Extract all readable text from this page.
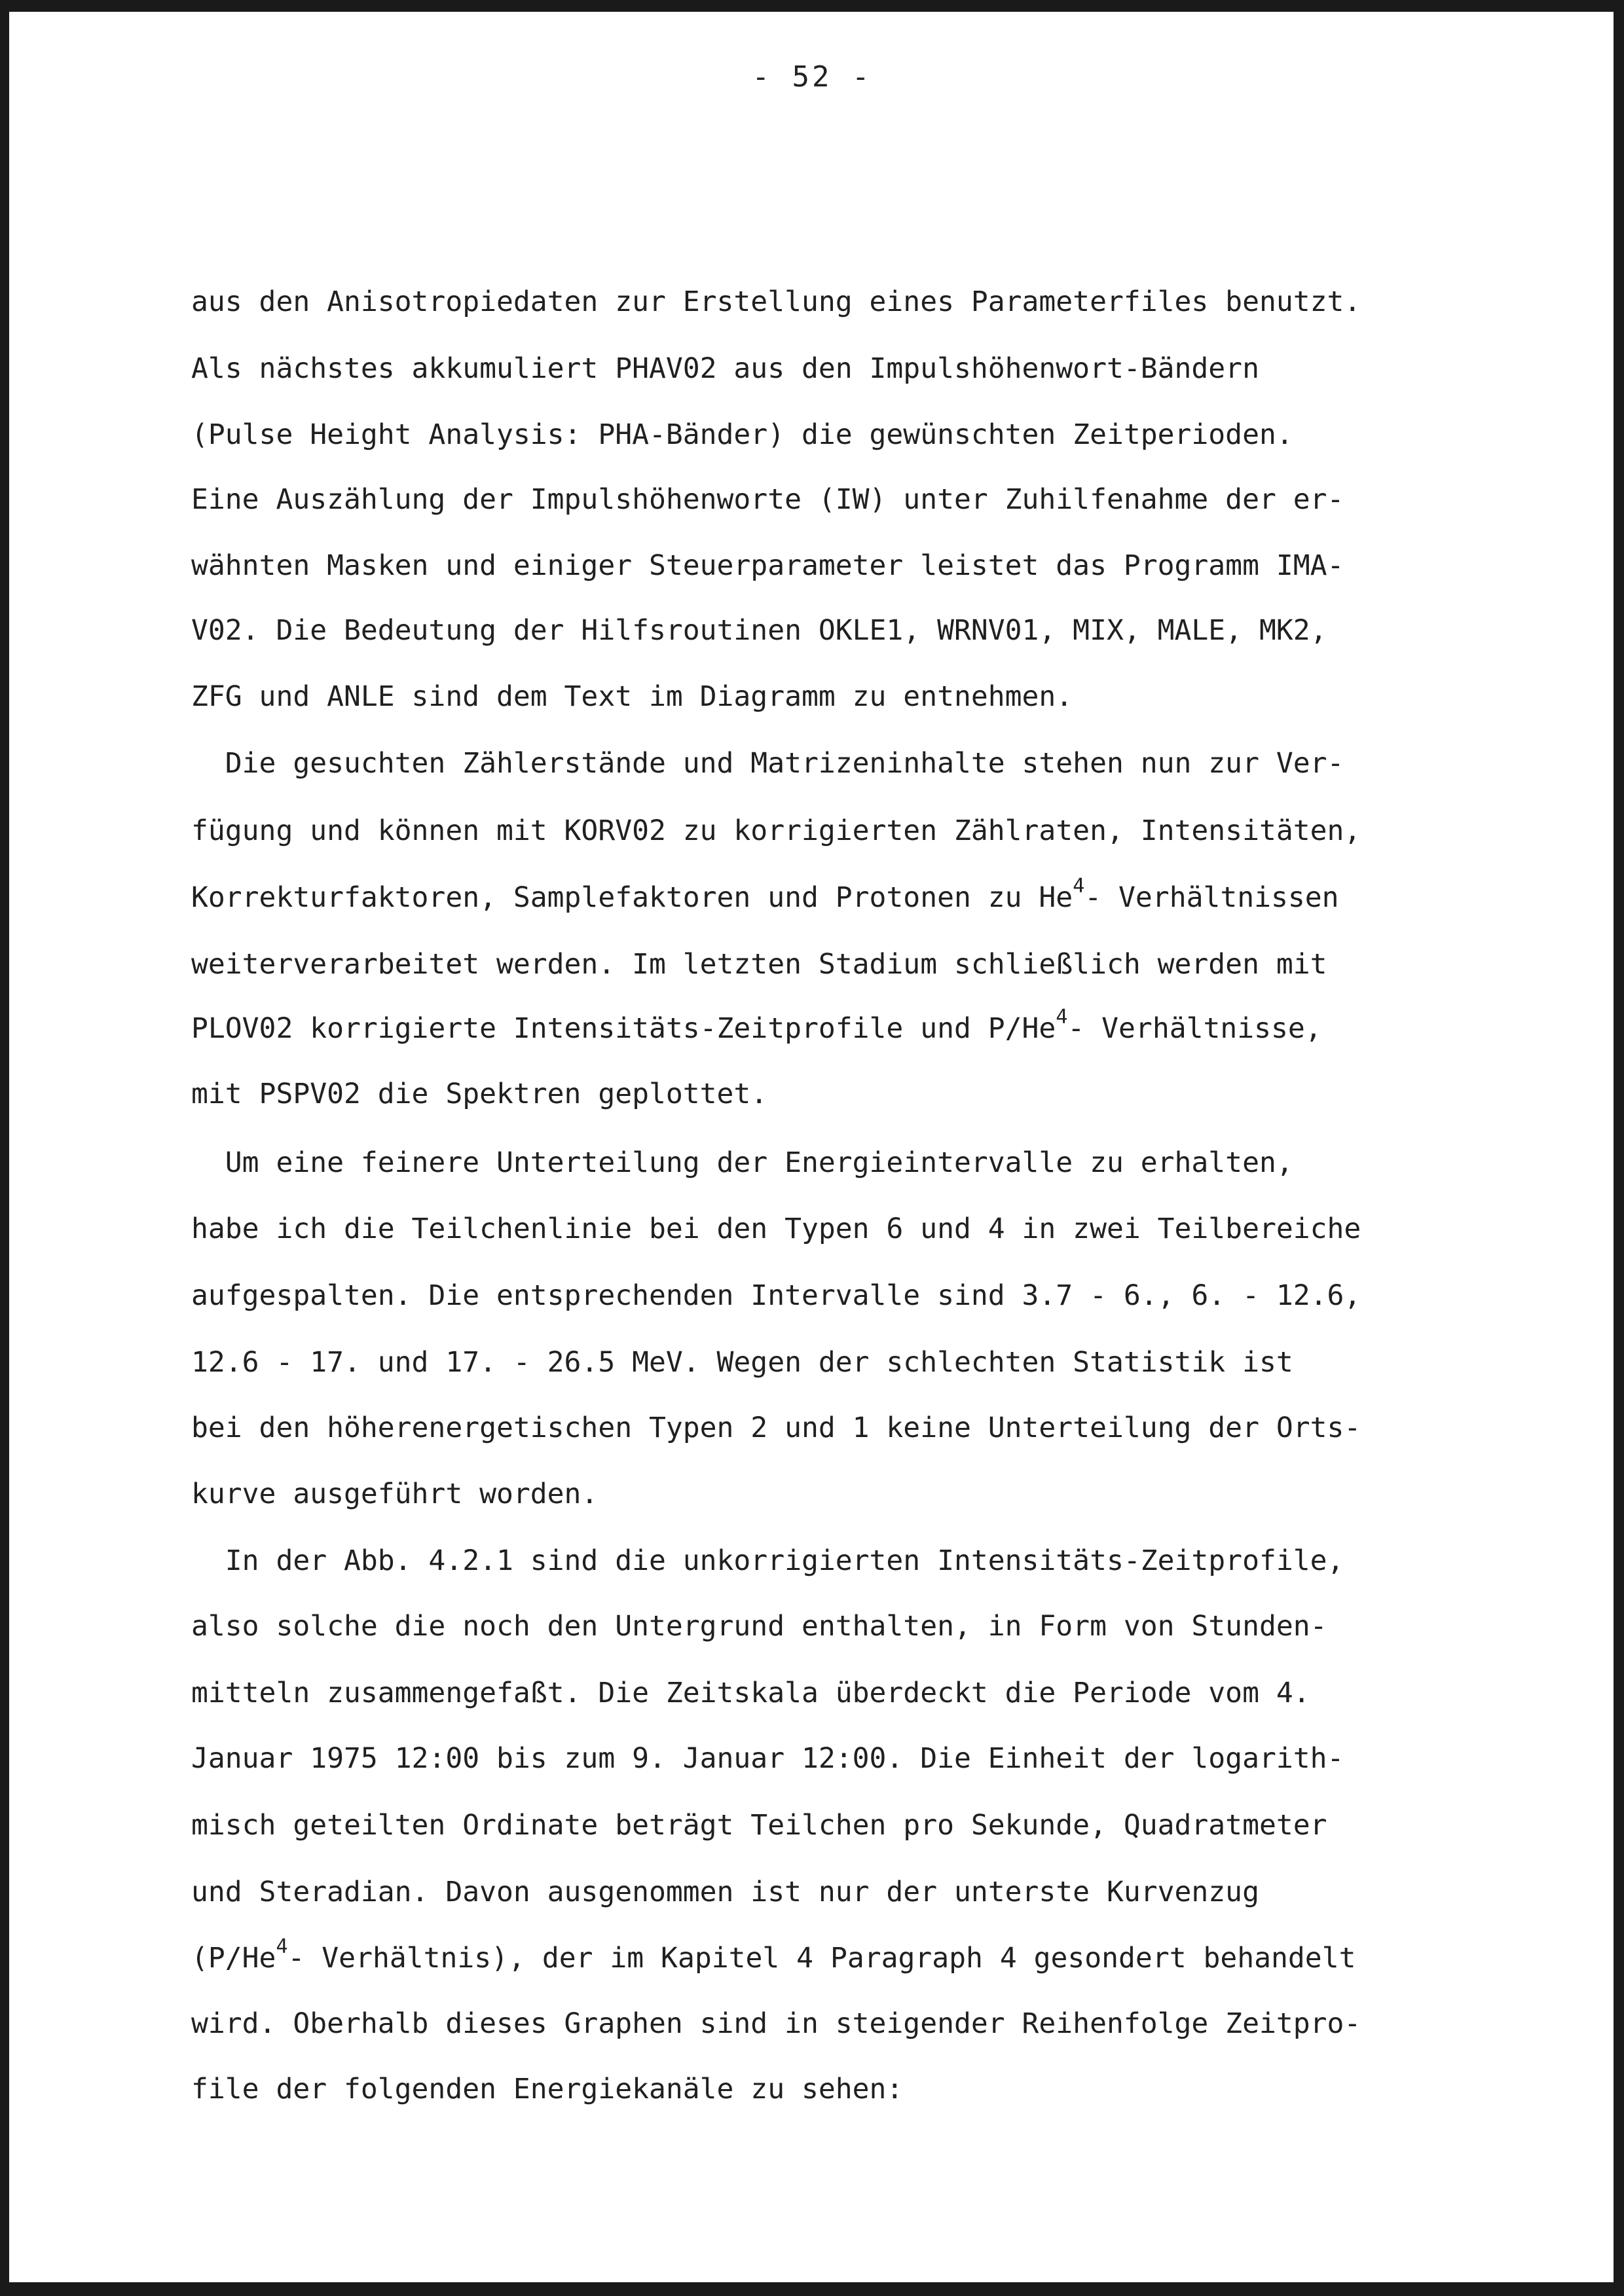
- 52 -
aus den Anisotropiedaten zur Erstellung eines Parameterfiles benutzt.
Als nächstes akkumuliert PHAV02 aus den Impulshöhenwort-Bändern
(Pulse Height Analysis: PHA-Bänder) die gewünschten Zeitperioden.
Eine Auszählung der Impulshöhenworte (IW) unter Zuhilfenahme der er-
wähnten Masken und einiger Steuerparameter leistet das Programm IMA-
V02. Die Bedeutung der Hilfsroutinen OKLE1, WRNV01, MIX, MALE, MK2,
ZFG und ANLE sind dem Text im Diagramm zu entnehmen.
Die gesuchten Zählerstände und Matrizeninhalte stehen nun zur Ver-
fügung und können mit KORV02 zu korrigierten Zählraten, Intensitäten,
Korrekturfaktoren, Samplefaktoren und Protonen zu He$^4$- Verhältnissen
weiterverarbeitet werden. Im letzten Stadium schließlich werden mit
PLOV02 korrigierte Intensitäts-Zeitprofile und P/He$^4$- Verhältnisse,
mit PSPV02 die Spektren geplottet.
Um eine feinere Unterteilung der Energieintervalle zu erhalten,
habe ich die Teilchenlinie bei den Typen 6 und 4 in zwei Teilbereiche
aufgespalten. Die entsprechenden Intervalle sind 3.7 - 6., 6. - 12.6,
12.6 - 17. und 17. - 26.5 MeV. Wegen der schlechten Statistik ist
bei den höherenergetischen Typen 2 und 1 keine Unterteilung der Orts-
kurve ausgeführt worden.
In der Abb. 4.2.1 sind die unkorrigierten Intensitäts-Zeitprofile,
also solche die noch den Untergrund enthalten, in Form von Stunden-
mitteln zusammengefaßt. Die Zeitskala überdeckt die Periode vom 4.
Januar 1975 12:00 bis zum 9. Januar 12:00. Die Einheit der logarith-
misch geteilten Ordinate beträgt Teilchen pro Sekunde, Quadratmeter
und Steradian. Davon ausgenommen ist nur der unterste Kurvenzug
(P/He$^4$- Verhältnis), der im Kapitel 4 Paragraph 4 gesondert behandelt
wird. Oberhalb dieses Graphen sind in steigender Reihenfolge Zeitpro-
file der folgenden Energiekanäle zu sehen:
